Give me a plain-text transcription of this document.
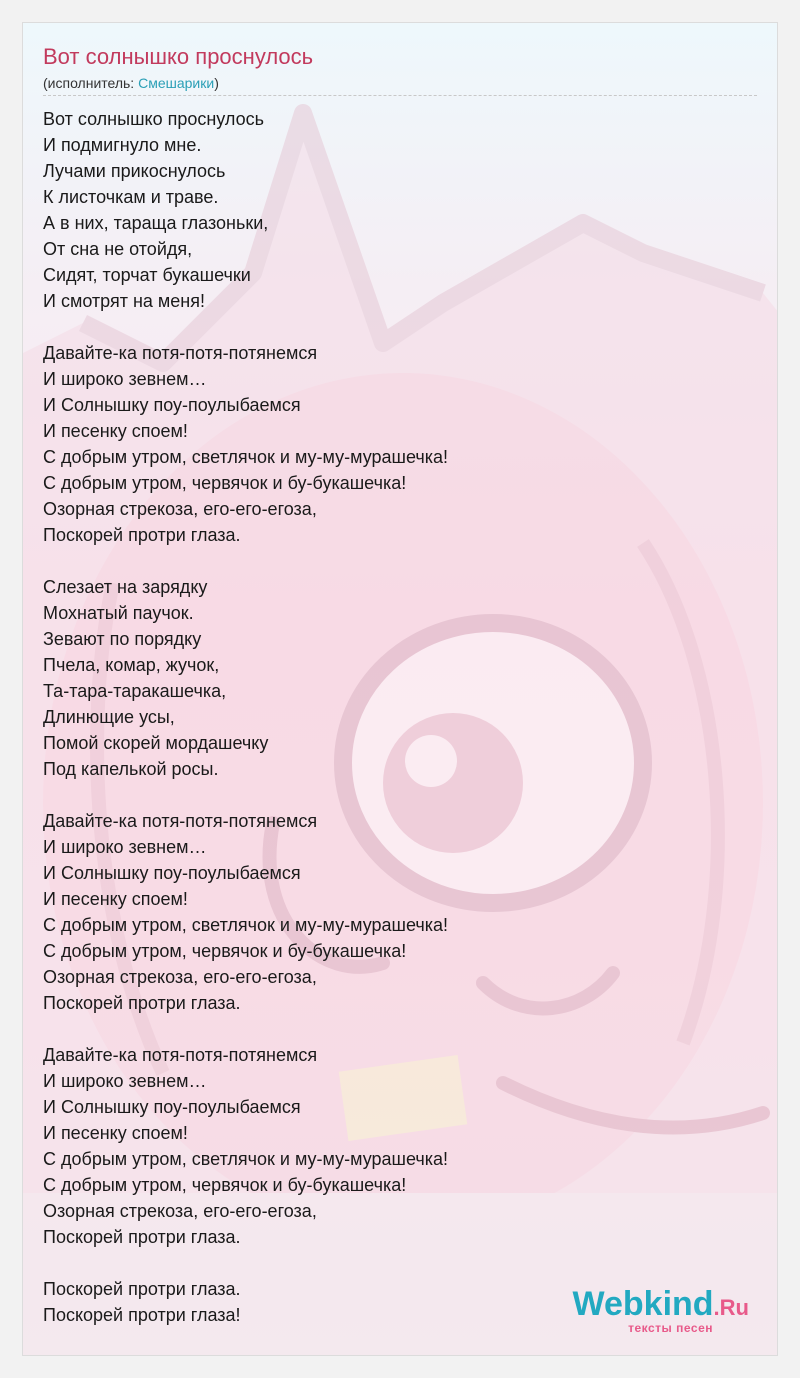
Вот солнышко проснулось
(исполнитель: Смешарики)
Вот солнышко проснулось
И подмигнуло мне.
Лучами прикоснулось
К листочкам и траве.
А в них, тараща глазоньки,
От сна не отойдя,
Сидят, торчат букашечки
И смотрят на меня!
Давайте-ка потя-потя-потянемся
И широко зевнем…
И Солнышку поу-поулыбаемся
И песенку споем!
С добрым утром, светлячок и му-му-мурашечка!
С добрым утром, червячок и бу-букашечка!
Озорная стрекоза, его-его-егоза,
Поскорей протри глаза.
Слезает на зарядку
Мохнатый паучок.
Зевают по порядку
Пчела, комар, жучок,
Та-тара-таракашечка,
Длинющие усы,
Помой скорей мордашечку
Под капелькой росы.
Давайте-ка потя-потя-потянемся
И широко зевнем…
И Солнышку поу-поулыбаемся
И песенку споем!
С добрым утром, светлячок и му-му-мурашечка!
С добрым утром, червячок и бу-букашечка!
Озорная стрекоза, его-его-егоза,
Поскорей протри глаза.
Давайте-ка потя-потя-потянемся
И широко зевнем…
И Солнышку поу-поулыбаемся
И песенку споем!
С добрым утром, светлячок и му-му-мурашечка!
С добрым утром, червячок и бу-букашечка!
Озорная стрекоза, его-его-егоза,
Поскорей протри глаза.
Поскорей протри глаза.
Поскорей протри глаза!	Webkind.Ru
тексты песен
